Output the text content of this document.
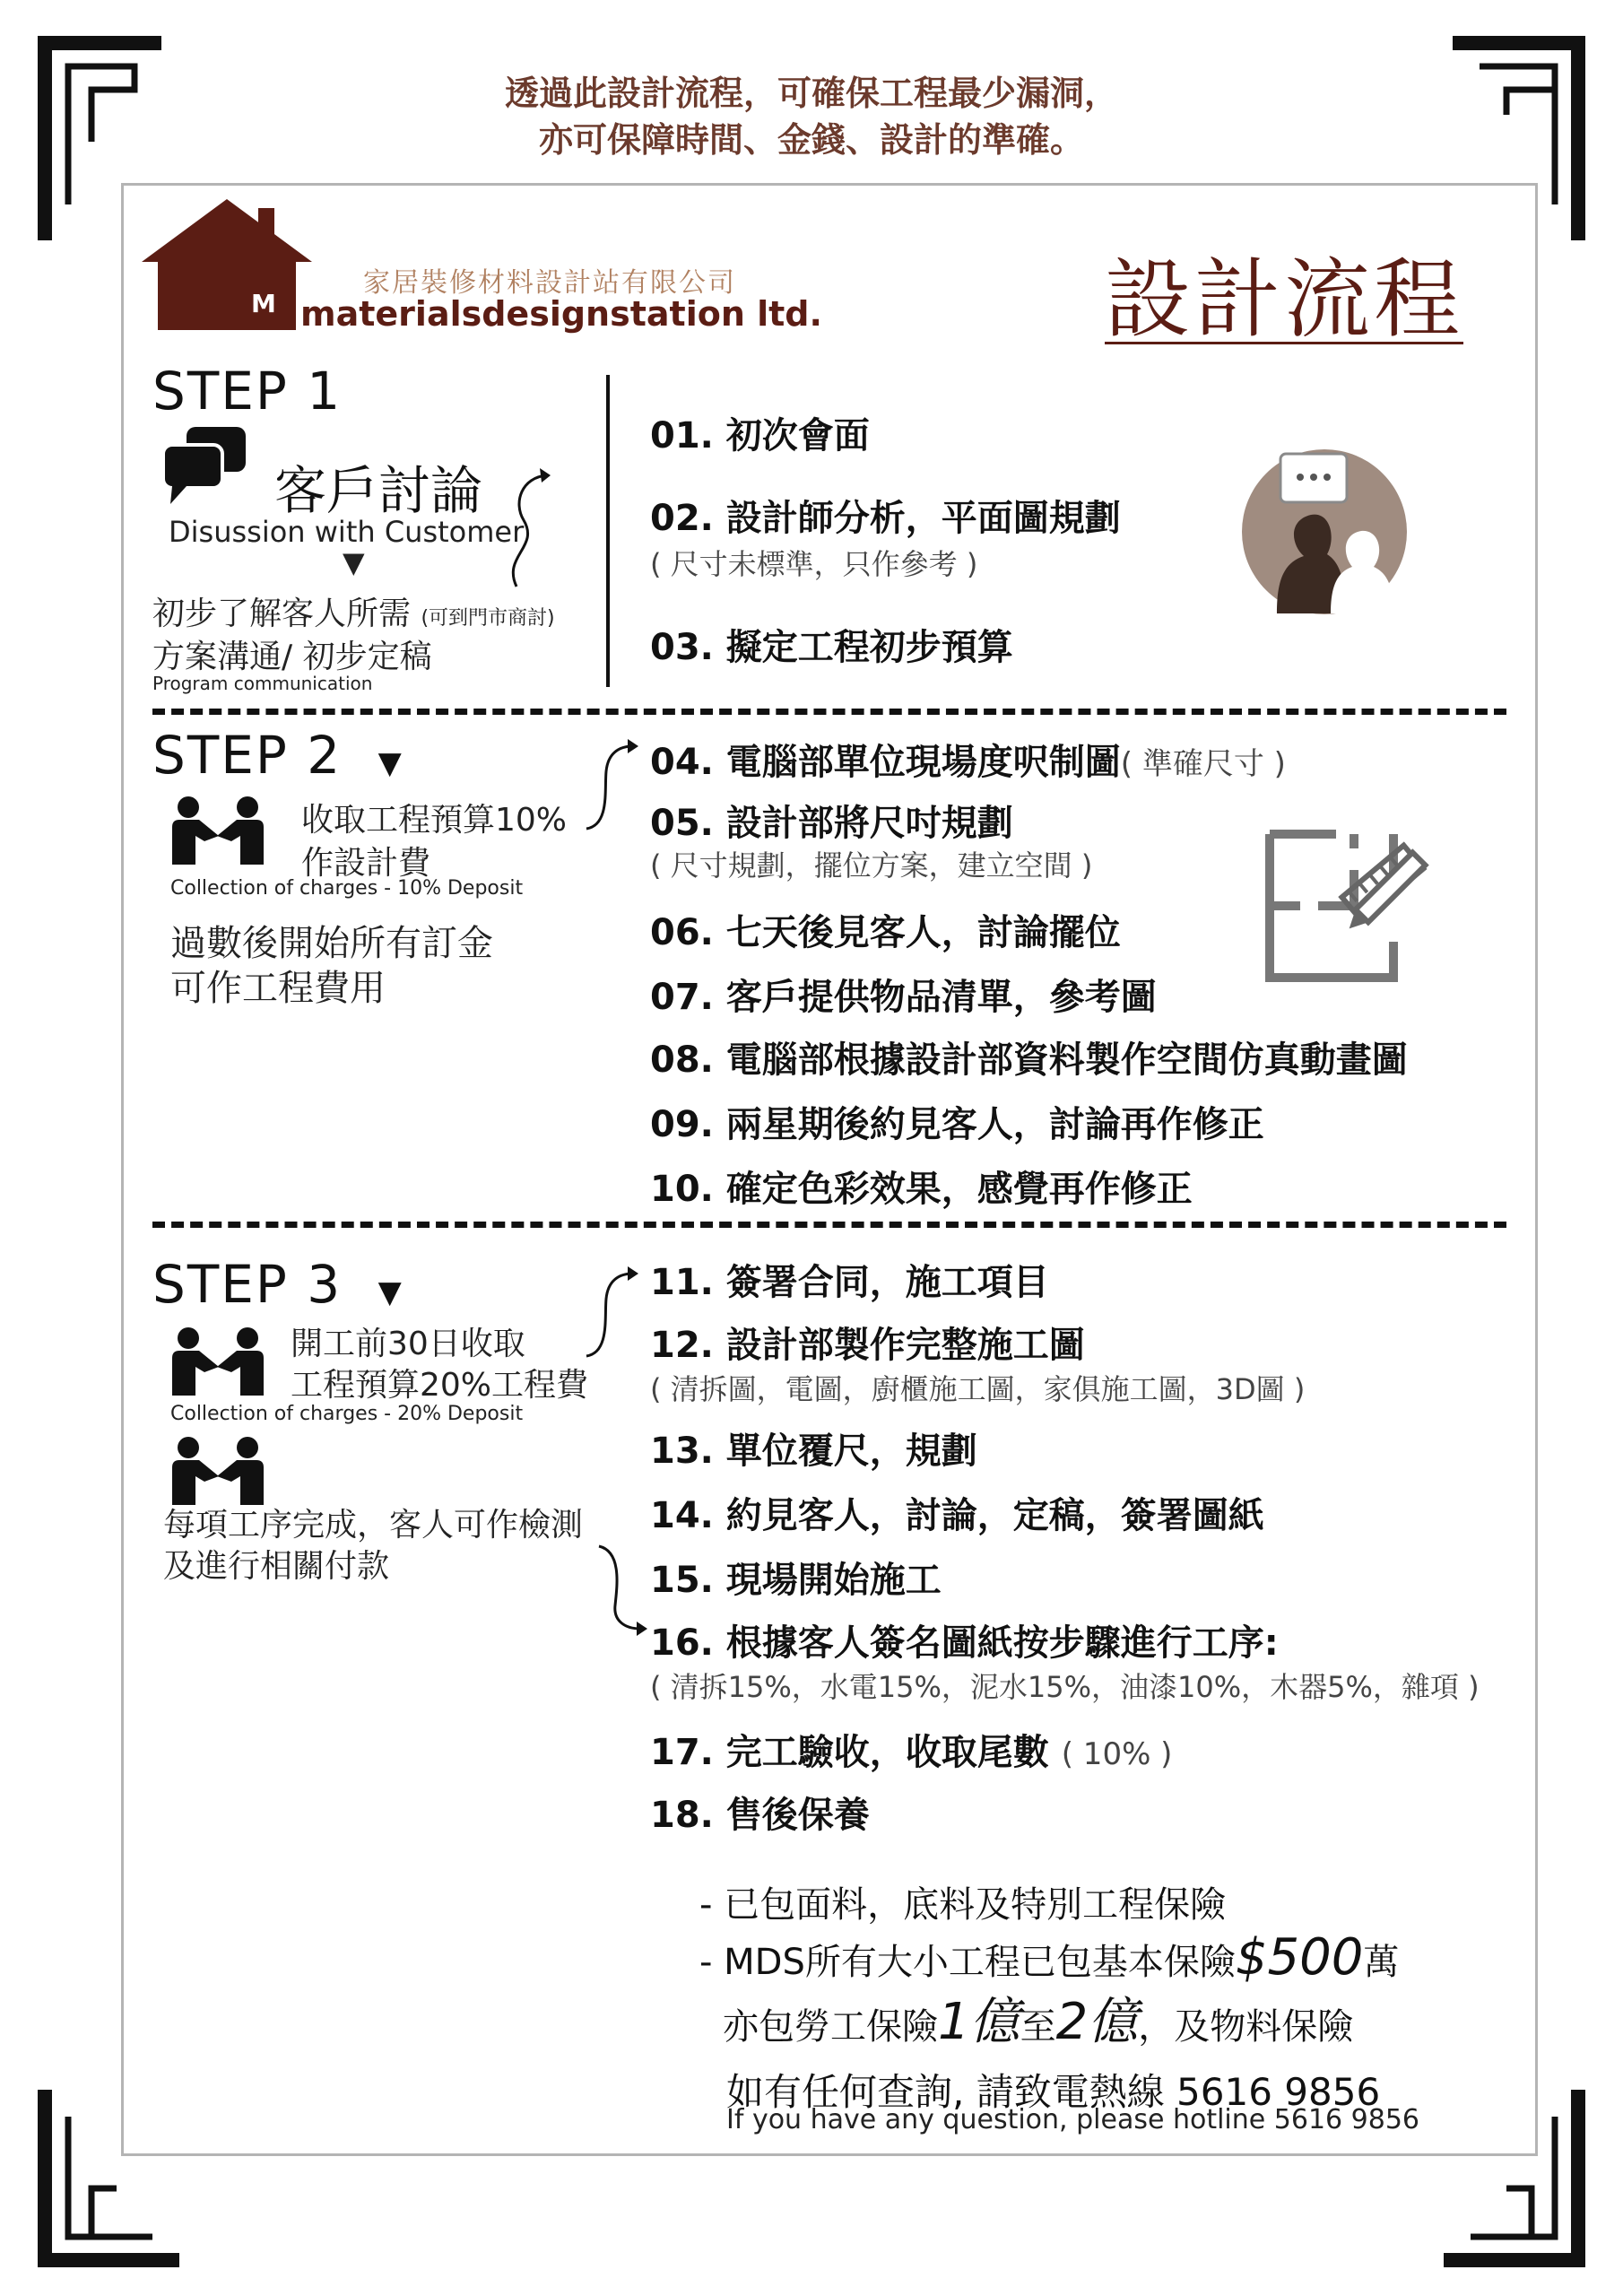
透過此設計流程，可確保工程最少漏洞，
亦可保障時間、金錢、設計的準確。
M
家居裝修材料設計站有限公司
materialsdesignstation ltd.	設計流程
STEP 1
客戶討論
Disussion with Customer
▼
初步了解客人所需 (可到門市商討)
方案溝通/ 初步定稿
Program communication
01. 初次會面
02. 設計師分析，平面圖規劃
( 尺寸未標準，只作參考 )
03. 擬定工程初步預算
STEP 2 ▼
收取工程預算10%
作設計費
Collection of charges - 10% Deposit
過數後開始所有訂金
可作工程費用
04. 電腦部單位現場度呎制圖( 準確尺寸 )
05. 設計部將尺吋規劃
( 尺寸規劃，擺位方案，建立空間 )
06. 七天後見客人，討論擺位
07. 客戶提供物品清單，參考圖
08. 電腦部根據設計部資料製作空間仿真動畫圖
09. 兩星期後約見客人，討論再作修正
10. 確定色彩效果，感覺再作修正
STEP 3 ▼
開工前30日收取
工程預算20%工程費
Collection of charges - 20% Deposit
每項工序完成，客人可作檢測
及進行相關付款
11. 簽署合同，施工項目
12. 設計部製作完整施工圖
( 清拆圖，電圖，廚櫃施工圖，家俱施工圖，3D圖 )
13. 單位覆尺，規劃
14. 約見客人，討論，定稿，簽署圖紙
15. 現場開始施工
16. 根據客人簽名圖紙按步驟進行工序:
( 清拆15%，水電15%，泥水15%，油漆10%，木器5%，雜項 )
17. 完工驗收，收取尾數 ( 10% )
18. 售後保養
- 已包面料，底料及特別工程保險
- MDS所有大小工程已包基本保險$500萬
亦包勞工保險1億至2億，及物料保險
如有任何查詢, 請致電熱線 5616 9856
If you have any question, please hotline 5616 9856
